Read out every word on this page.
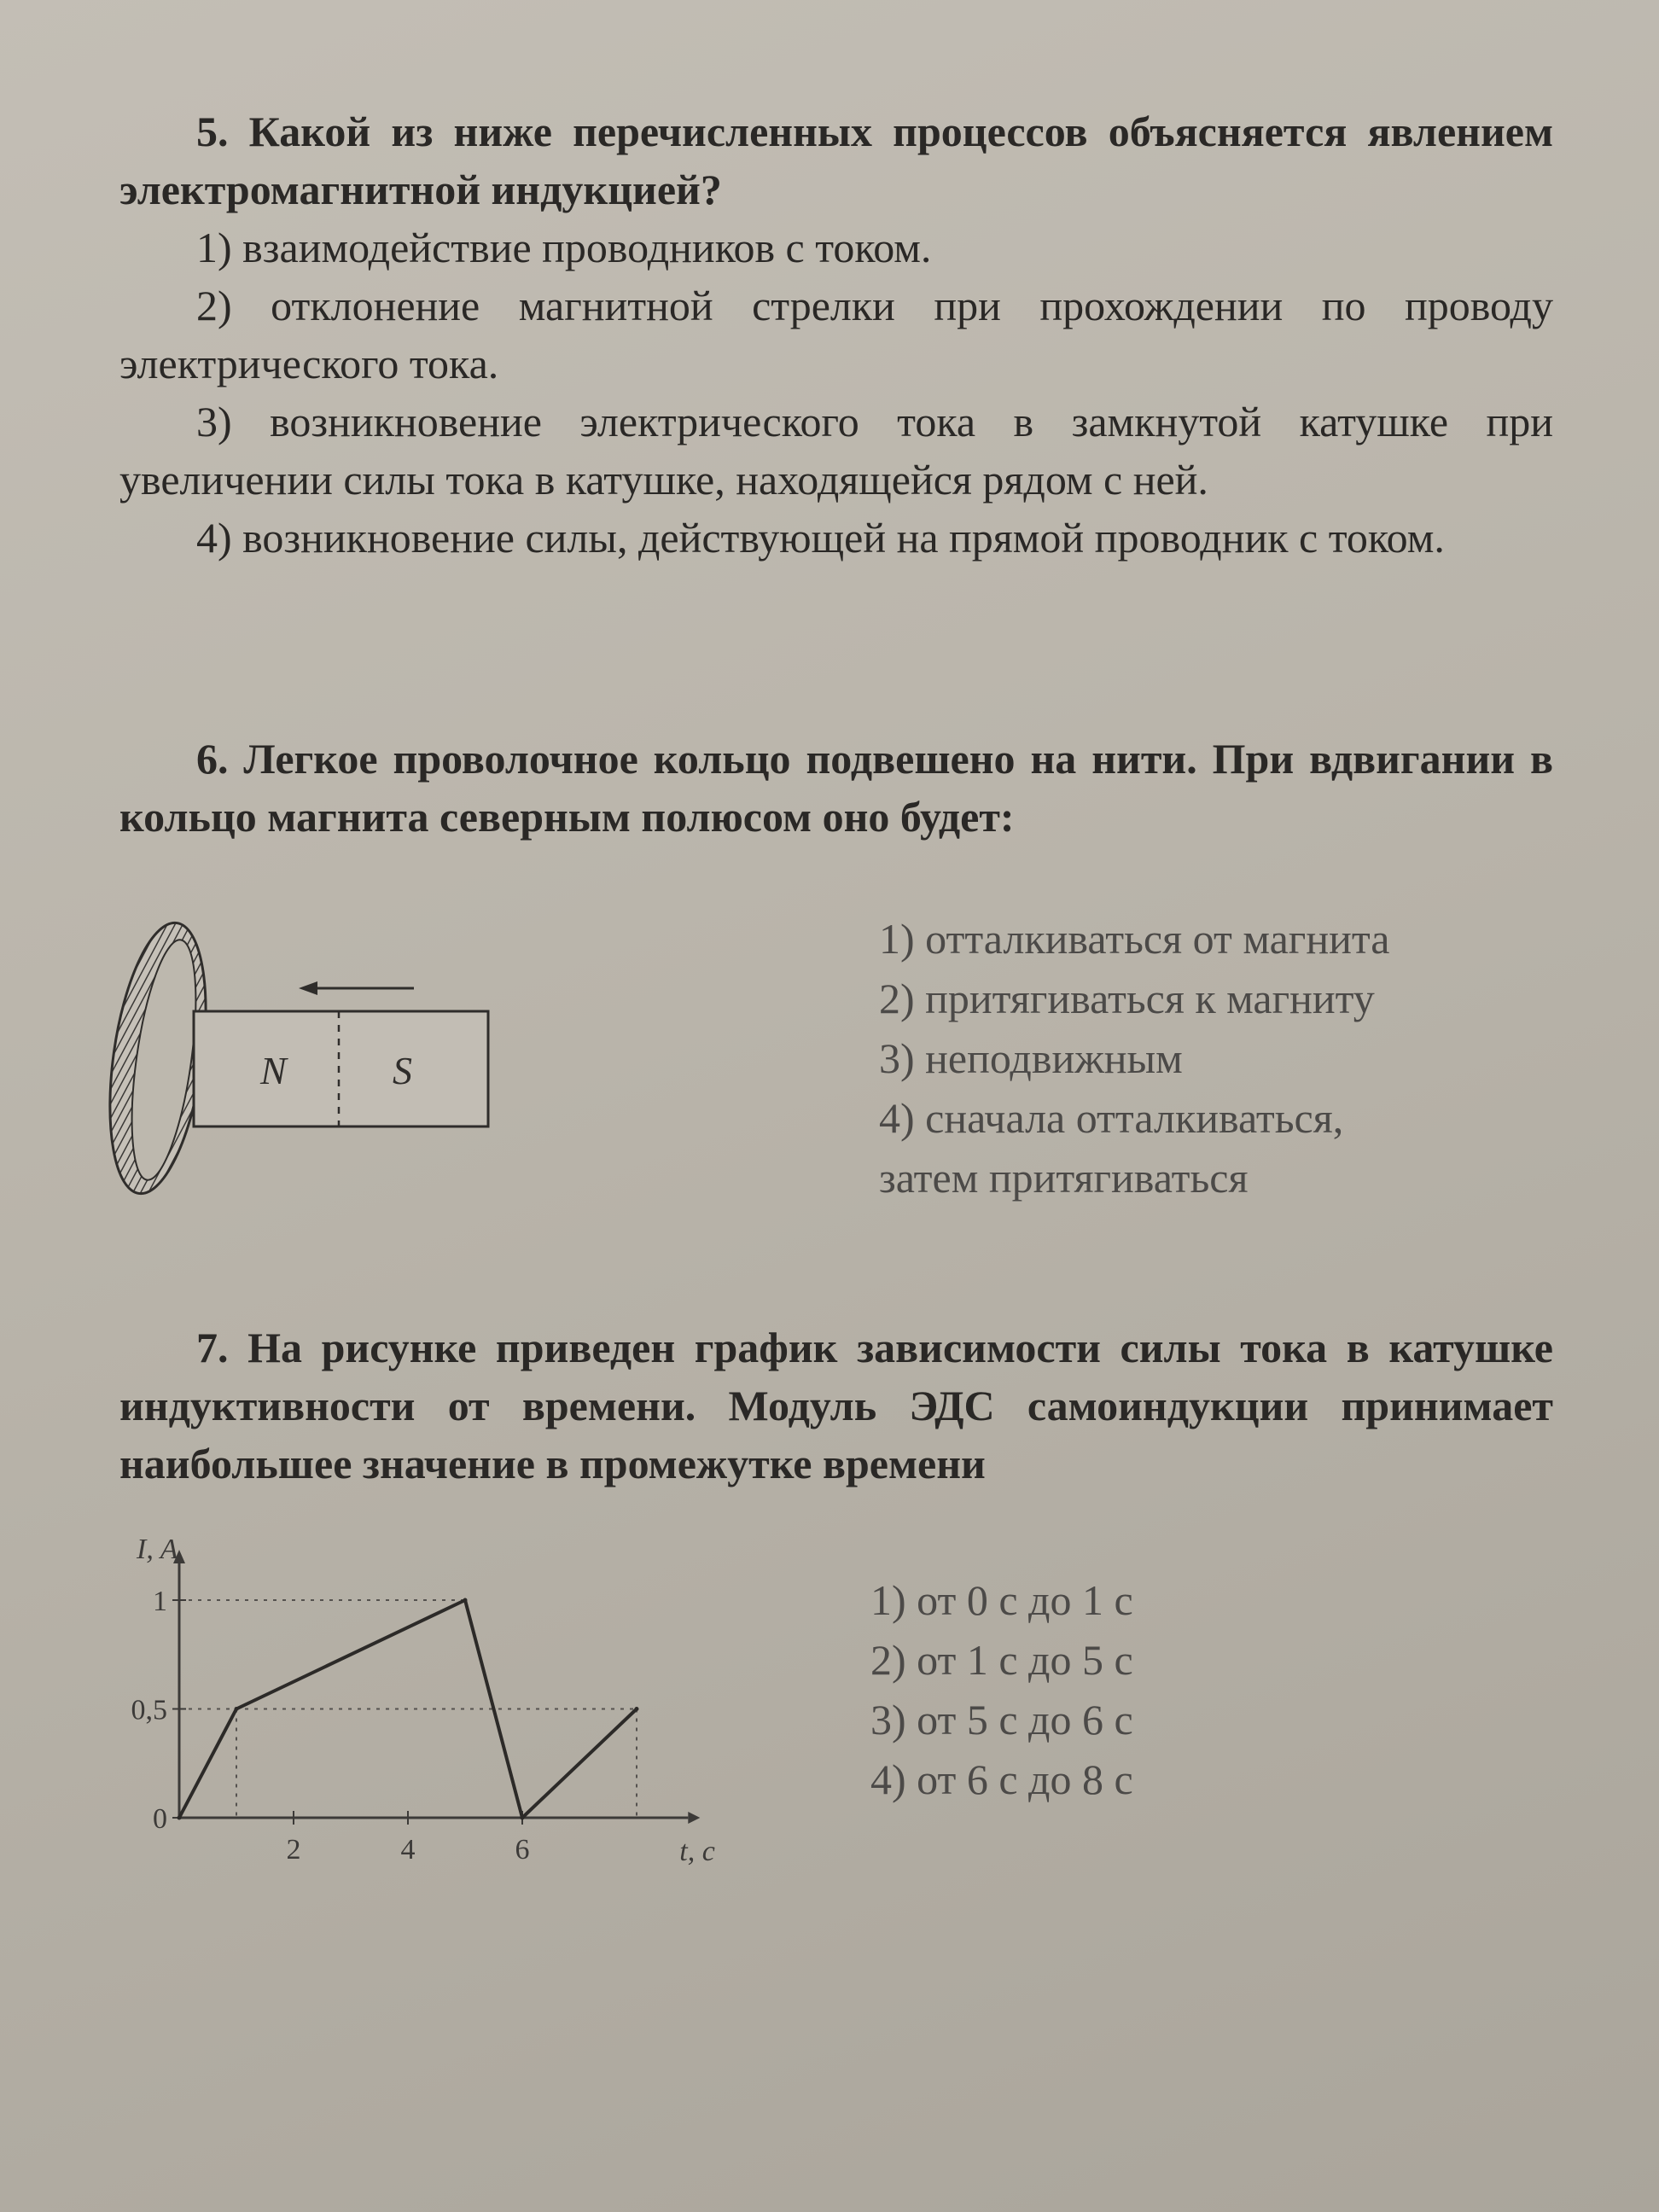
5. Какой из ниже перечисленных процессов объясняется явлением электромагнитной индукцией?

1) взаимодействие проводников с током.

2) отклонение магнитной стрелки при прохождении по проводу электрического тока.

3) возникновение электрического тока в замкнутой катушке при увеличении силы тока в катушке, находящейся рядом с ней.

4) возникновение силы, действующей на прямой проводник с током.

6. Легкое проволочное кольцо подвешено на нити. При вдвигании в кольцо магнита северным полюсом оно будет:

N	S
1) отталкиваться от магнита
2) притягиваться к магниту
3) неподвижным
4) сначала отталкиваться,
затем притягиваться

7. На рисунке приведен график зависимости силы тока в катушке индуктивности от времени. Модуль ЭДС самоиндукции принимает наибольшее значение в промежутке времени

0
0,5
1
2	4	6	t, c
I, A
1) от 0 с до 1 с
2) от 1 с до 5 с
3) от 5 с до 6 с
4) от 6 с до 8 с
